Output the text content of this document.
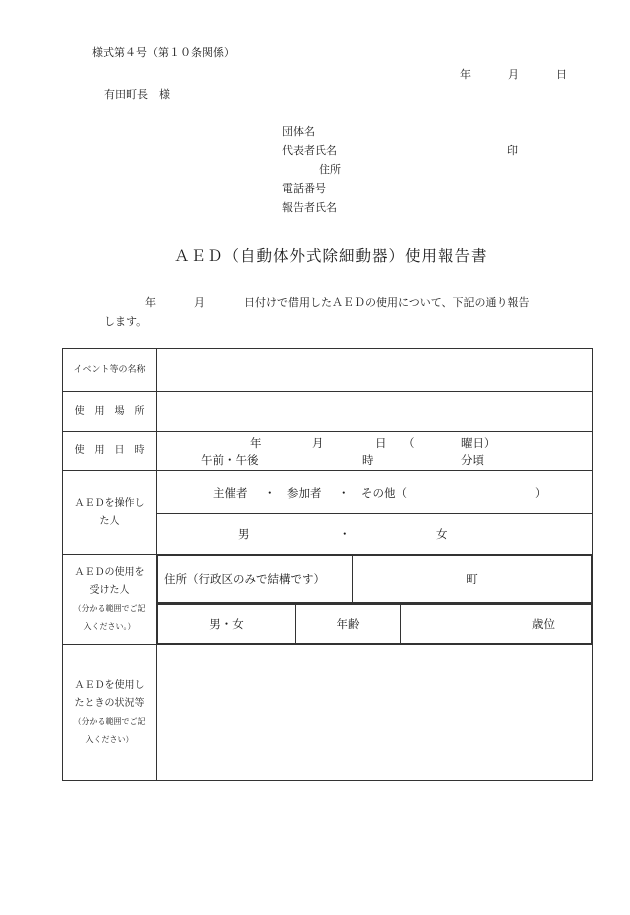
様式第４号（第１０条関係）
年	月	日
有田町長　様
団体名
代表者氏名	印
住所
電話番号
報告者氏名
ＡＥＤ（自動体外式除細動器）使用報告書
年	月	日付けで借用したＡＥＤの使用について、下記の通り報告
します。
イベント等の名称	
使　用　場　所	
使　用　日　時	
年	月	日 （	曜日）
午前・午後	時	分頃

ＡＥＤを操作し
た人

主催者 ・ 参加者 ・ その他（	）

男	・	女

ＡＥＤの使用を
受けた人
（分かる範囲でご記
入ください。）

住所（行政区のみで結構です）	町

男・女	年齢	歳位

ＡＥＤを使用し
たときの状況等
（分かる範囲でご記
入ください）
